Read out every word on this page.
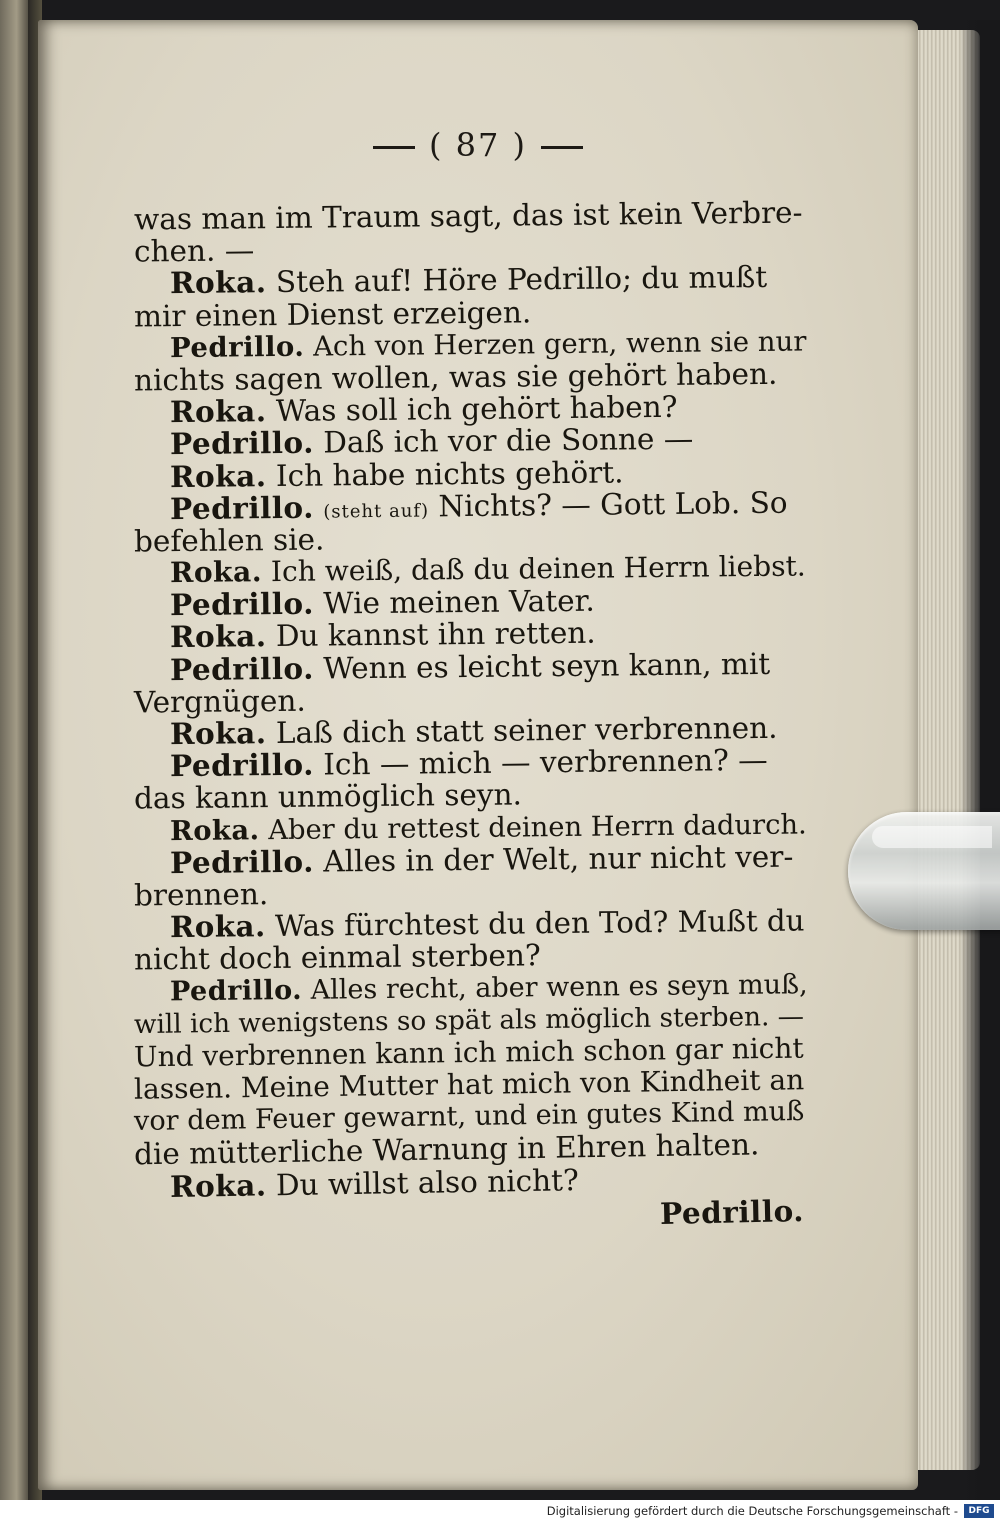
( 87 )
was man im Traum sagt, das ist kein Verbre-
chen. —
Roka. Steh auf! Höre Pedrillo; du mußt
mir einen Dienst erzeigen.
Pedrillo. Ach von Herzen gern, wenn sie nur
nichts sagen wollen, was sie gehört haben.
Roka. Was soll ich gehört haben?
Pedrillo. Daß ich vor die Sonne —
Roka. Ich habe nichts gehört.
Pedrillo. (steht auf) Nichts? — Gott Lob. So
befehlen sie.
Roka. Ich weiß, daß du deinen Herrn liebst.
Pedrillo. Wie meinen Vater.
Roka. Du kannst ihn retten.
Pedrillo. Wenn es leicht seyn kann, mit
Vergnügen.
Roka. Laß dich statt seiner verbrennen.
Pedrillo. Ich — mich — verbrennen? —
das kann unmöglich seyn.
Roka. Aber du rettest deinen Herrn dadurch.
Pedrillo. Alles in der Welt, nur nicht ver-
brennen.
Roka. Was fürchtest du den Tod? Mußt du
nicht doch einmal sterben?
Pedrillo. Alles recht, aber wenn es seyn muß,
will ich wenigstens so spät als möglich sterben. —
Und verbrennen kann ich mich schon gar nicht
lassen. Meine Mutter hat mich von Kindheit an
vor dem Feuer gewarnt, und ein gutes Kind muß
die mütterliche Warnung in Ehren halten.
Roka. Du willst also nicht?
Pedrillo.
Digitalisierung gefördert durch die Deutsche Forschungsgemeinschaft -	DFG
